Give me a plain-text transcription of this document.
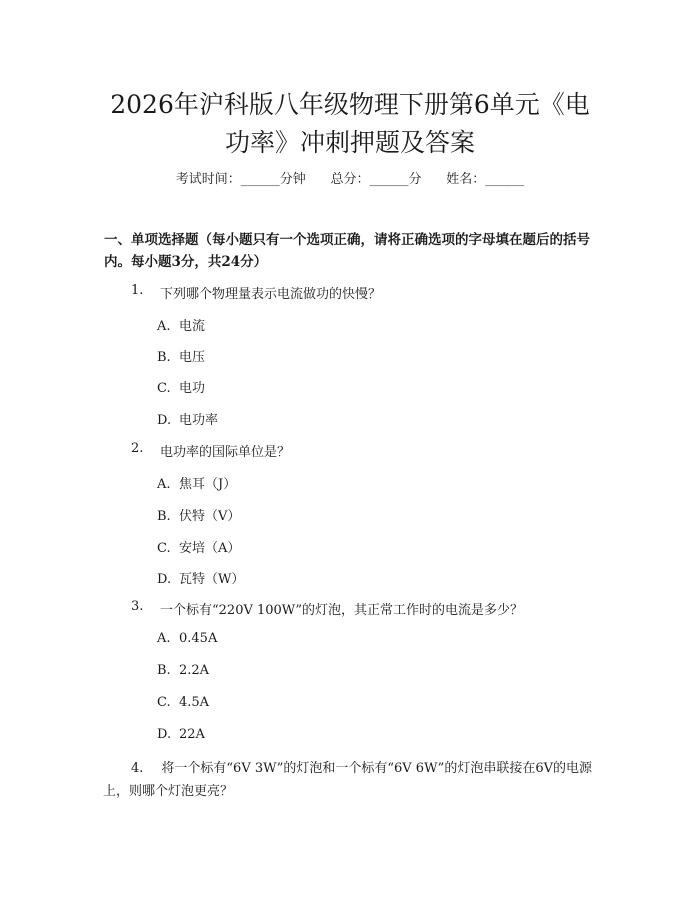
2026年沪科版八年级物理下册第6单元《电功率》冲刺押题及答案
考试时间：______分钟      总分：______分      姓名：______
一、单项选择题（每小题只有一个选项正确，请将正确选项的字母填在题后的括号内。每小题3分，共24分）
1. 下列哪个物理量表示电流做功的快慢？
A. 电流
B. 电压
C. 电功
D. 电功率
2. 电功率的国际单位是？
A. 焦耳（J）
B. 伏特（V）
C. 安培（A）
D. 瓦特（W）
3. 一个标有“220V 100W”的灯泡，其正常工作时的电流是多少？
A. 0.45A
B. 2.2A
C. 4.5A
D. 22A
4. 将一个标有“6V 3W”的灯泡和一个标有“6V 6W”的灯泡串联接在6V的电源上，则哪个灯泡更亮？
